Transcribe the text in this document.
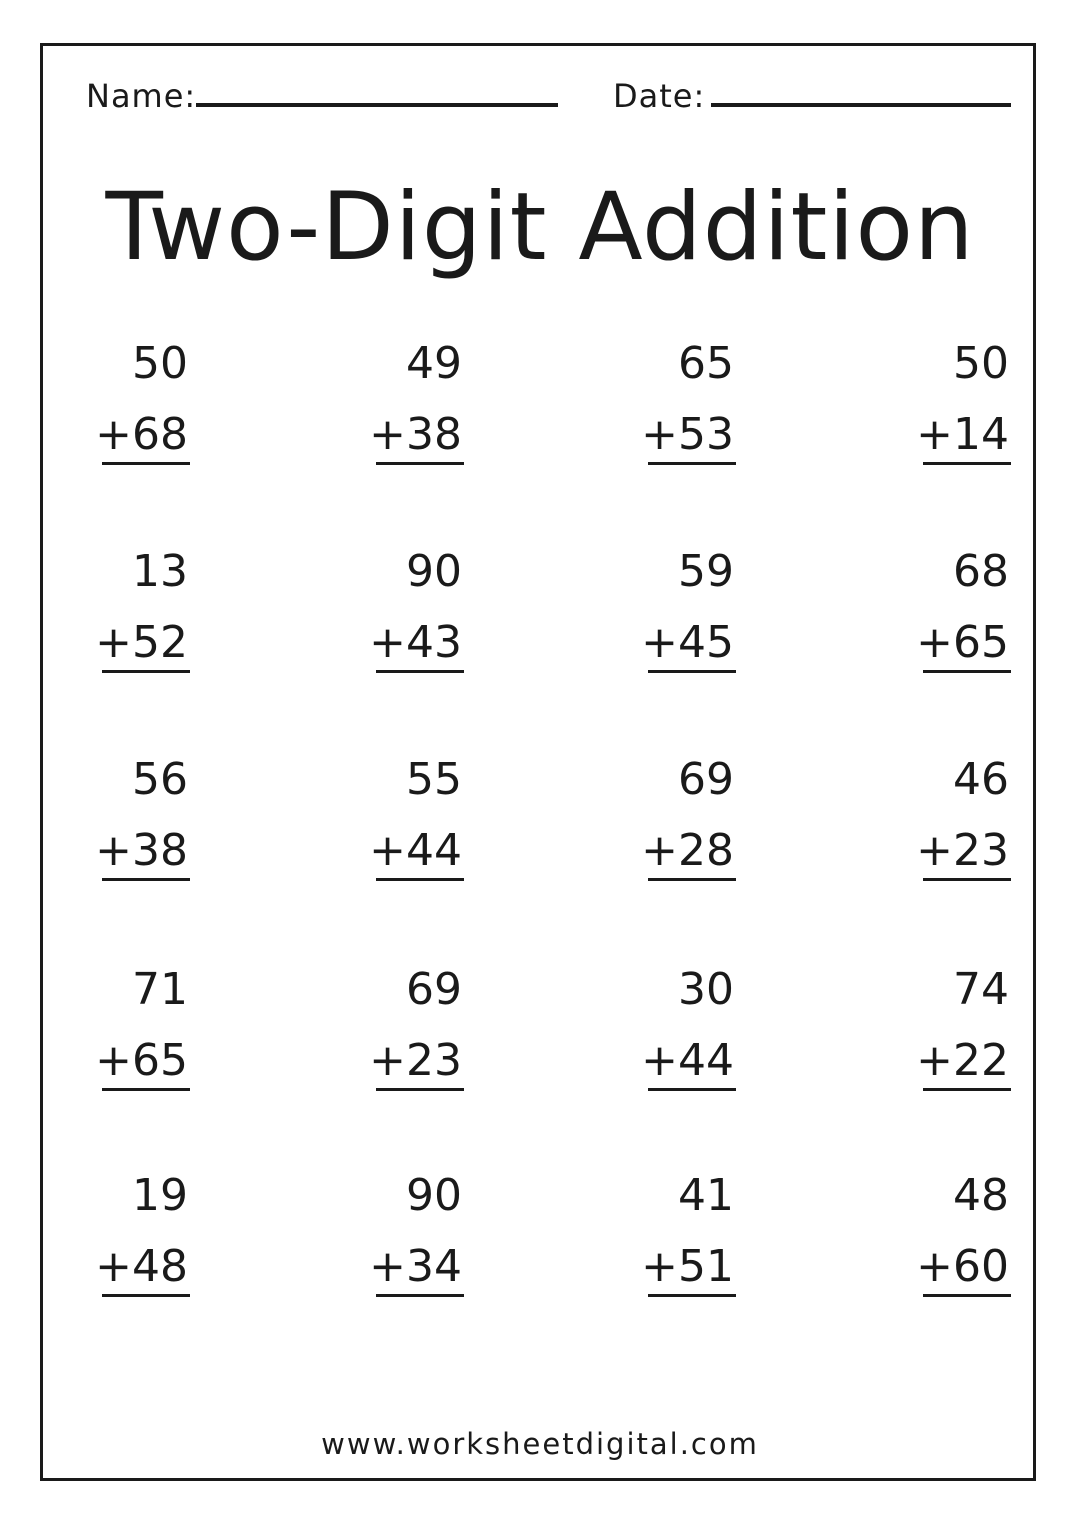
Name:	Date:
Two-Digit Addition
50
+68
49
+38
65
+53
50
+14
13
+52
90
+43
59
+45
68
+65
56
+38
55
+44
69
+28
46
+23
71
+65
69
+23
30
+44
74
+22
19
+48
90
+34
41
+51
48
+60
www.worksheetdigital.com
